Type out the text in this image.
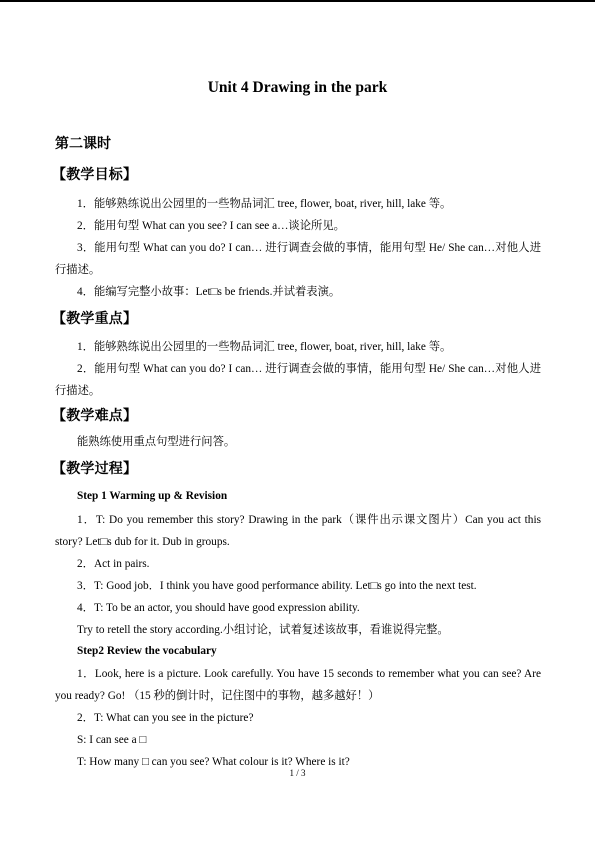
Unit 4 Drawing in the park
第二课时
【教学目标】
1．能够熟练说出公园里的一些物品词汇 tree, flower, boat, river, hill, lake 等。
2．能用句型 What can you see? I can see a…谈论所见。
3．能用句型 What can you do? I can… 进行调查会做的事情，能用句型 He/ She can…对他人进行描述。
4．能编写完整小故事：Let□s be friends.并试着表演。
【教学重点】
1．能够熟练说出公园里的一些物品词汇 tree, flower, boat, river, hill, lake 等。
2．能用句型 What can you do? I can… 进行调查会做的事情，能用句型 He/ She can…对他人进行描述。
【教学难点】
能熟练使用重点句型进行问答。
【教学过程】
Step 1 Warming up & Revision
1．T: Do you remember this story? Drawing in the park（课件出示课文图片）Can you act this story? Let□s dub for it. Dub in groups.
2．Act in pairs.
3．T: Good job．I think you have good performance ability. Let□s go into the next test.
4．T: To be an actor, you should have good expression ability.
Try to retell the story according.小组讨论，试着复述该故事，看谁说得完整。
Step2 Review the vocabulary
1．Look, here is a picture. Look carefully. You have 15 seconds to remember what you can see? Are you ready? Go! （15 秒的倒计时，记住图中的事物，越多越好！）
2．T: What can you see in the picture?
S: I can see a □
T: How many □ can you see? What colour is it? Where is it?
1 / 3
